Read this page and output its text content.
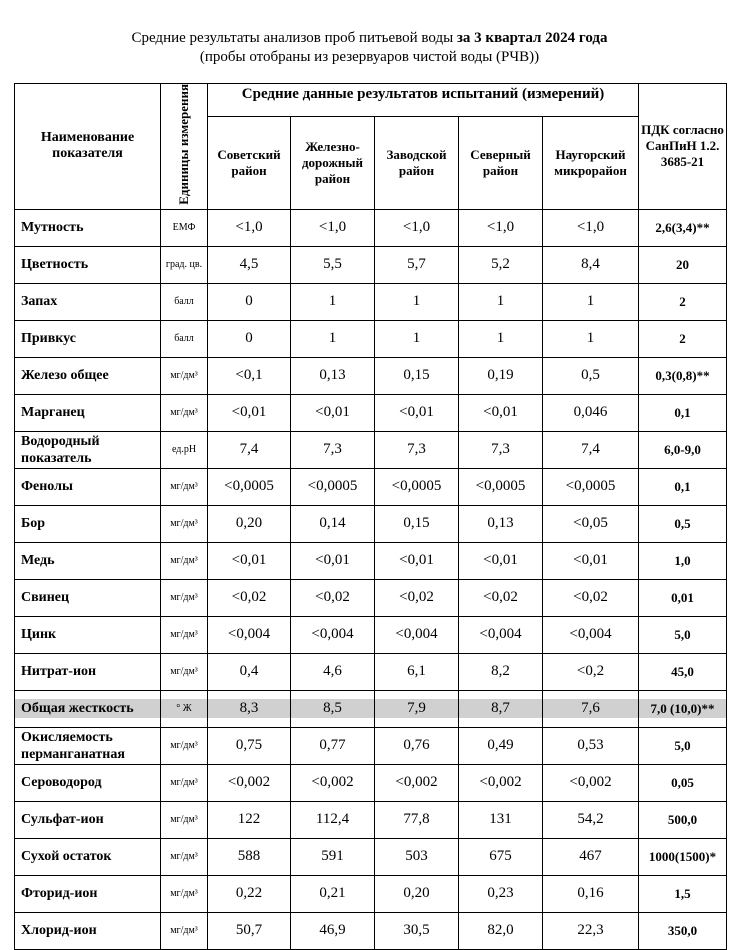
Средние результаты анализов проб питьевой воды за 3 квартал 2024 года
(пробы отобраны из резервуаров чистой воды (РЧВ))
Наименование показателя	Единицы измерения	Средние данные результатов испытаний (измерений)					ПДК согласно СанПиН 1.2. 3685-21
		Советский район	Железно-дорожный район	Заводской район	Северный район	Наугорский микрорайон	
Мутность	ЕМФ	<1,0	<1,0	<1,0	<1,0	<1,0	2,6(3,4)**
Цветность	град. цв.	4,5	5,5	5,7	5,2	8,4	20
Запах	балл	0	1	1	1	1	2
Привкус	балл	0	1	1	1	1	2
Железо общее	мг/дм³	<0,1	0,13	0,15	0,19	0,5	0,3(0,8)**
Марганец	мг/дм³	<0,01	<0,01	<0,01	<0,01	0,046	0,1
Водородный показатель	ед.рН	7,4	7,3	7,3	7,3	7,4	6,0-9,0
Фенолы	мг/дм³	<0,0005	<0,0005	<0,0005	<0,0005	<0,0005	0,1
Бор	мг/дм³	0,20	0,14	0,15	0,13	<0,05	0,5
Медь	мг/дм³	<0,01	<0,01	<0,01	<0,01	<0,01	1,0
Свинец	мг/дм³	<0,02	<0,02	<0,02	<0,02	<0,02	0,01
Цинк	мг/дм³	<0,004	<0,004	<0,004	<0,004	<0,004	5,0
Нитрат-ион	мг/дм³	0,4	4,6	6,1	8,2	<0,2	45,0
Общая жесткость	° Ж	8,3	8,5	7,9	8,7	7,6	7,0 (10,0)**
Окисляемость перманганатная	мг/дм³	0,75	0,77	0,76	0,49	0,53	5,0
Сероводород	мг/дм³	<0,002	<0,002	<0,002	<0,002	<0,002	0,05
Сульфат-ион	мг/дм³	122	112,4	77,8	131	54,2	500,0
Сухой остаток	мг/дм³	588	591	503	675	467	1000(1500)*
Фторид-ион	мг/дм³	0,22	0,21	0,20	0,23	0,16	1,5
Хлорид-ион	мг/дм³	50,7	46,9	30,5	82,0	22,3	350,0
